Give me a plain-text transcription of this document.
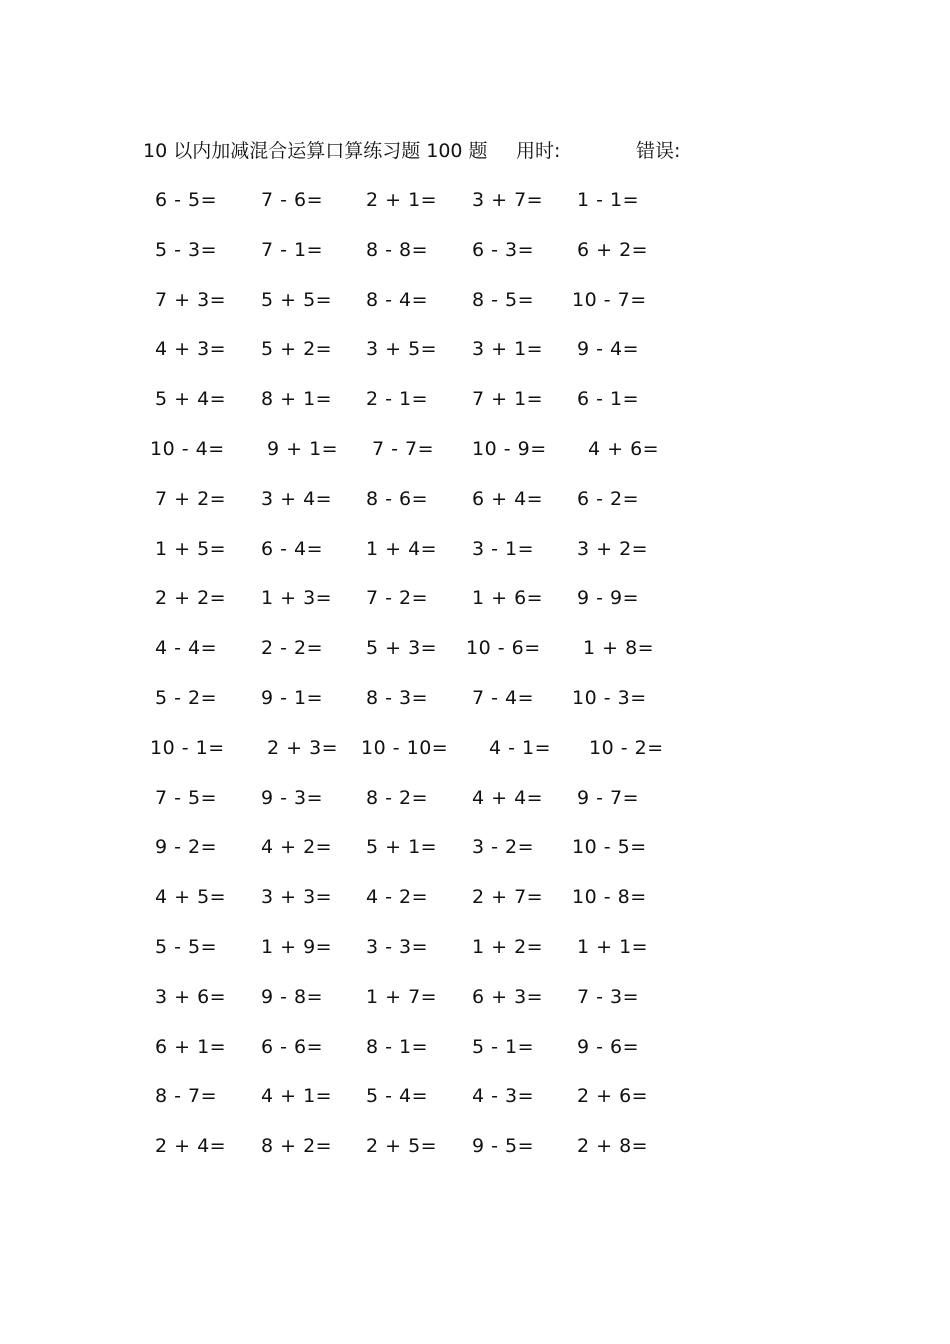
10 以内加减混合运算口算练习题 100 题 用时:	错误:
6 - 5= 7 - 6= 2 + 1= 3 + 7= 1 - 1=
5 - 3= 7 - 1= 8 - 8= 6 - 3= 6 + 2=
7 + 3= 5 + 5= 8 - 4= 8 - 5= 10 - 7=
4 + 3= 5 + 2= 3 + 5= 3 + 1= 9 - 4=
5 + 4= 8 + 1= 2 - 1= 7 + 1= 6 - 1=
10 - 4= 9 + 1= 7 - 7= 10 - 9= 4 + 6=
7 + 2= 3 + 4= 8 - 6= 6 + 4= 6 - 2=
1 + 5= 6 - 4= 1 + 4= 3 - 1= 3 + 2=
2 + 2= 1 + 3= 7 - 2= 1 + 6= 9 - 9=
4 - 4= 2 - 2= 5 + 3= 10 - 6= 1 + 8=
5 - 2= 9 - 1= 8 - 3= 7 - 4= 10 - 3=
10 - 1= 2 + 3= 10 - 10= 4 - 1= 10 - 2=
7 - 5= 9 - 3= 8 - 2= 4 + 4= 9 - 7=
9 - 2= 4 + 2= 5 + 1= 3 - 2= 10 - 5=
4 + 5= 3 + 3= 4 - 2= 2 + 7= 10 - 8=
5 - 5= 1 + 9= 3 - 3= 1 + 2= 1 + 1=
3 + 6= 9 - 8= 1 + 7= 6 + 3= 7 - 3=
6 + 1= 6 - 6= 8 - 1= 5 - 1= 9 - 6=
8 - 7= 4 + 1= 5 - 4= 4 - 3= 2 + 6=
2 + 4= 8 + 2= 2 + 5= 9 - 5= 2 + 8=
